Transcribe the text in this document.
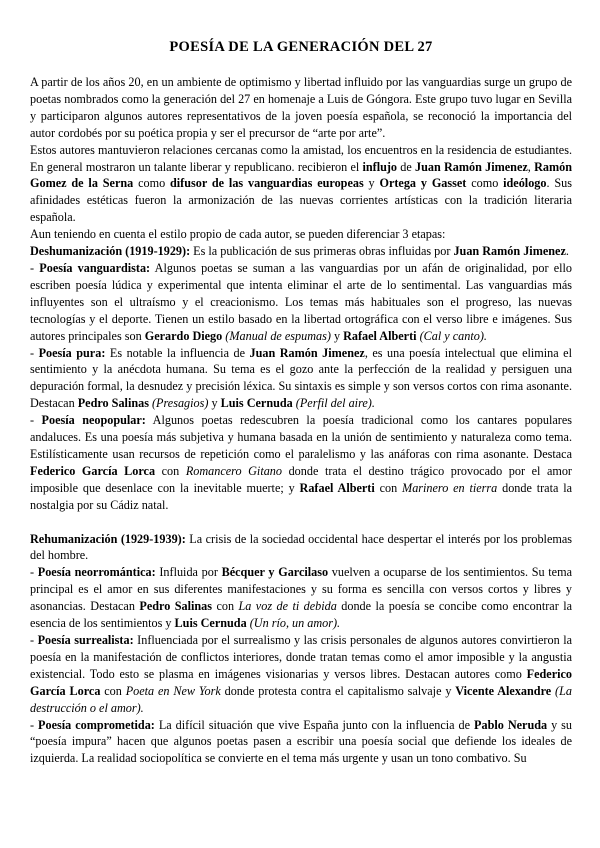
POESÍA DE LA GENERACIÓN DEL 27

A partir de los años 20, en un ambiente de optimismo y libertad influido por las vanguardias surge un grupo de poetas nombrados como la generación del 27 en homenaje a Luis de Góngora. Este grupo tuvo lugar en Sevilla y participaron algunos autores representativos de la joven poesía española, se reconoció la importancia del autor cordobés por su poética propia y ser el precursor de “arte por arte”.

Estos autores mantuvieron relaciones cercanas como la amistad, los encuentros en la residencia de estudiantes. En general mostraron un talante liberar y republicano. recibieron el influjo de Juan Ramón Jimenez, Ramón Gomez de la Serna como difusor de las vanguardias europeas y Ortega y Gasset como ideólogo. Sus afinidades estéticas fueron la armonización de las nuevas corrientes artísticas con la tradición literaria española.

Aun teniendo en cuenta el estilo propio de cada autor, se pueden diferenciar 3 etapas:

Deshumanización (1919-1929): Es la publicación de sus primeras obras influidas por Juan Ramón Jimenez.

- Poesía vanguardista: Algunos poetas se suman a las vanguardias por un afán de originalidad, por ello escriben poesía lúdica y experimental que intenta eliminar el arte de lo sentimental. Las vanguardias más influyentes son el ultraísmo y el creacionismo. Los temas más habituales son el progreso, las nuevas tecnologías y el deporte. Tienen un estilo basado en la libertad ortográfica con el verso libre e imágenes. Sus autores principales son Gerardo Diego (Manual de espumas) y Rafael Alberti (Cal y canto).

- Poesía pura: Es notable la influencia de Juan Ramón Jimenez, es una poesía intelectual que elimina el sentimiento y la anécdota humana. Su tema es el gozo ante la perfección de la realidad y persiguen una depuración formal, la desnudez y precisión léxica. Su sintaxis es simple y son versos cortos con rima asonante. Destacan Pedro Salinas (Presagios) y Luis Cernuda (Perfil del aire).

- Poesía neopopular: Algunos poetas redescubren la poesía tradicional como los cantares populares andaluces. Es una poesía más subjetiva y humana basada en la unión de sentimiento y naturaleza como tema. Estilísticamente usan recursos de repetición como el paralelismo y las anáforas con rima asonante. Destaca Federico García Lorca con Romancero Gitano donde trata el destino trágico provocado por el amor imposible que desenlace con la inevitable muerte; y Rafael Alberti con Marinero en tierra donde trata la nostalgia por su Cádiz natal.

Rehumanización (1929-1939): La crisis de la sociedad occidental hace despertar el interés por los problemas del hombre.

- Poesía neorromántica: Influida por Bécquer y Garcilaso vuelven a ocuparse de los sentimientos. Su tema principal es el amor en sus diferentes manifestaciones y su forma es sencilla con versos cortos y libres y asonancias. Destacan Pedro Salinas con La voz de ti debida donde la poesía se concibe como encontrar la esencia de los sentimientos y Luis Cernuda (Un río, un amor).

- Poesía surrealista: Influenciada por el surrealismo y las crisis personales de algunos autores convirtieron la poesía en la manifestación de conflictos interiores, donde tratan temas como el amor imposible y la angustia existencial. Todo esto se plasma en imágenes visionarias y versos libres. Destacan autores como Federico García Lorca con Poeta en New York donde protesta contra el capitalismo salvaje y Vicente Alexandre (La destrucción o el amor).

- Poesía comprometida: La difícil situación que vive España junto con la influencia de Pablo Neruda y su “poesía impura” hacen que algunos poetas pasen a escribir una poesía social que defiende los ideales de izquierda. La realidad sociopolítica se convierte en el tema más urgente y usan un tono combativo. Su
